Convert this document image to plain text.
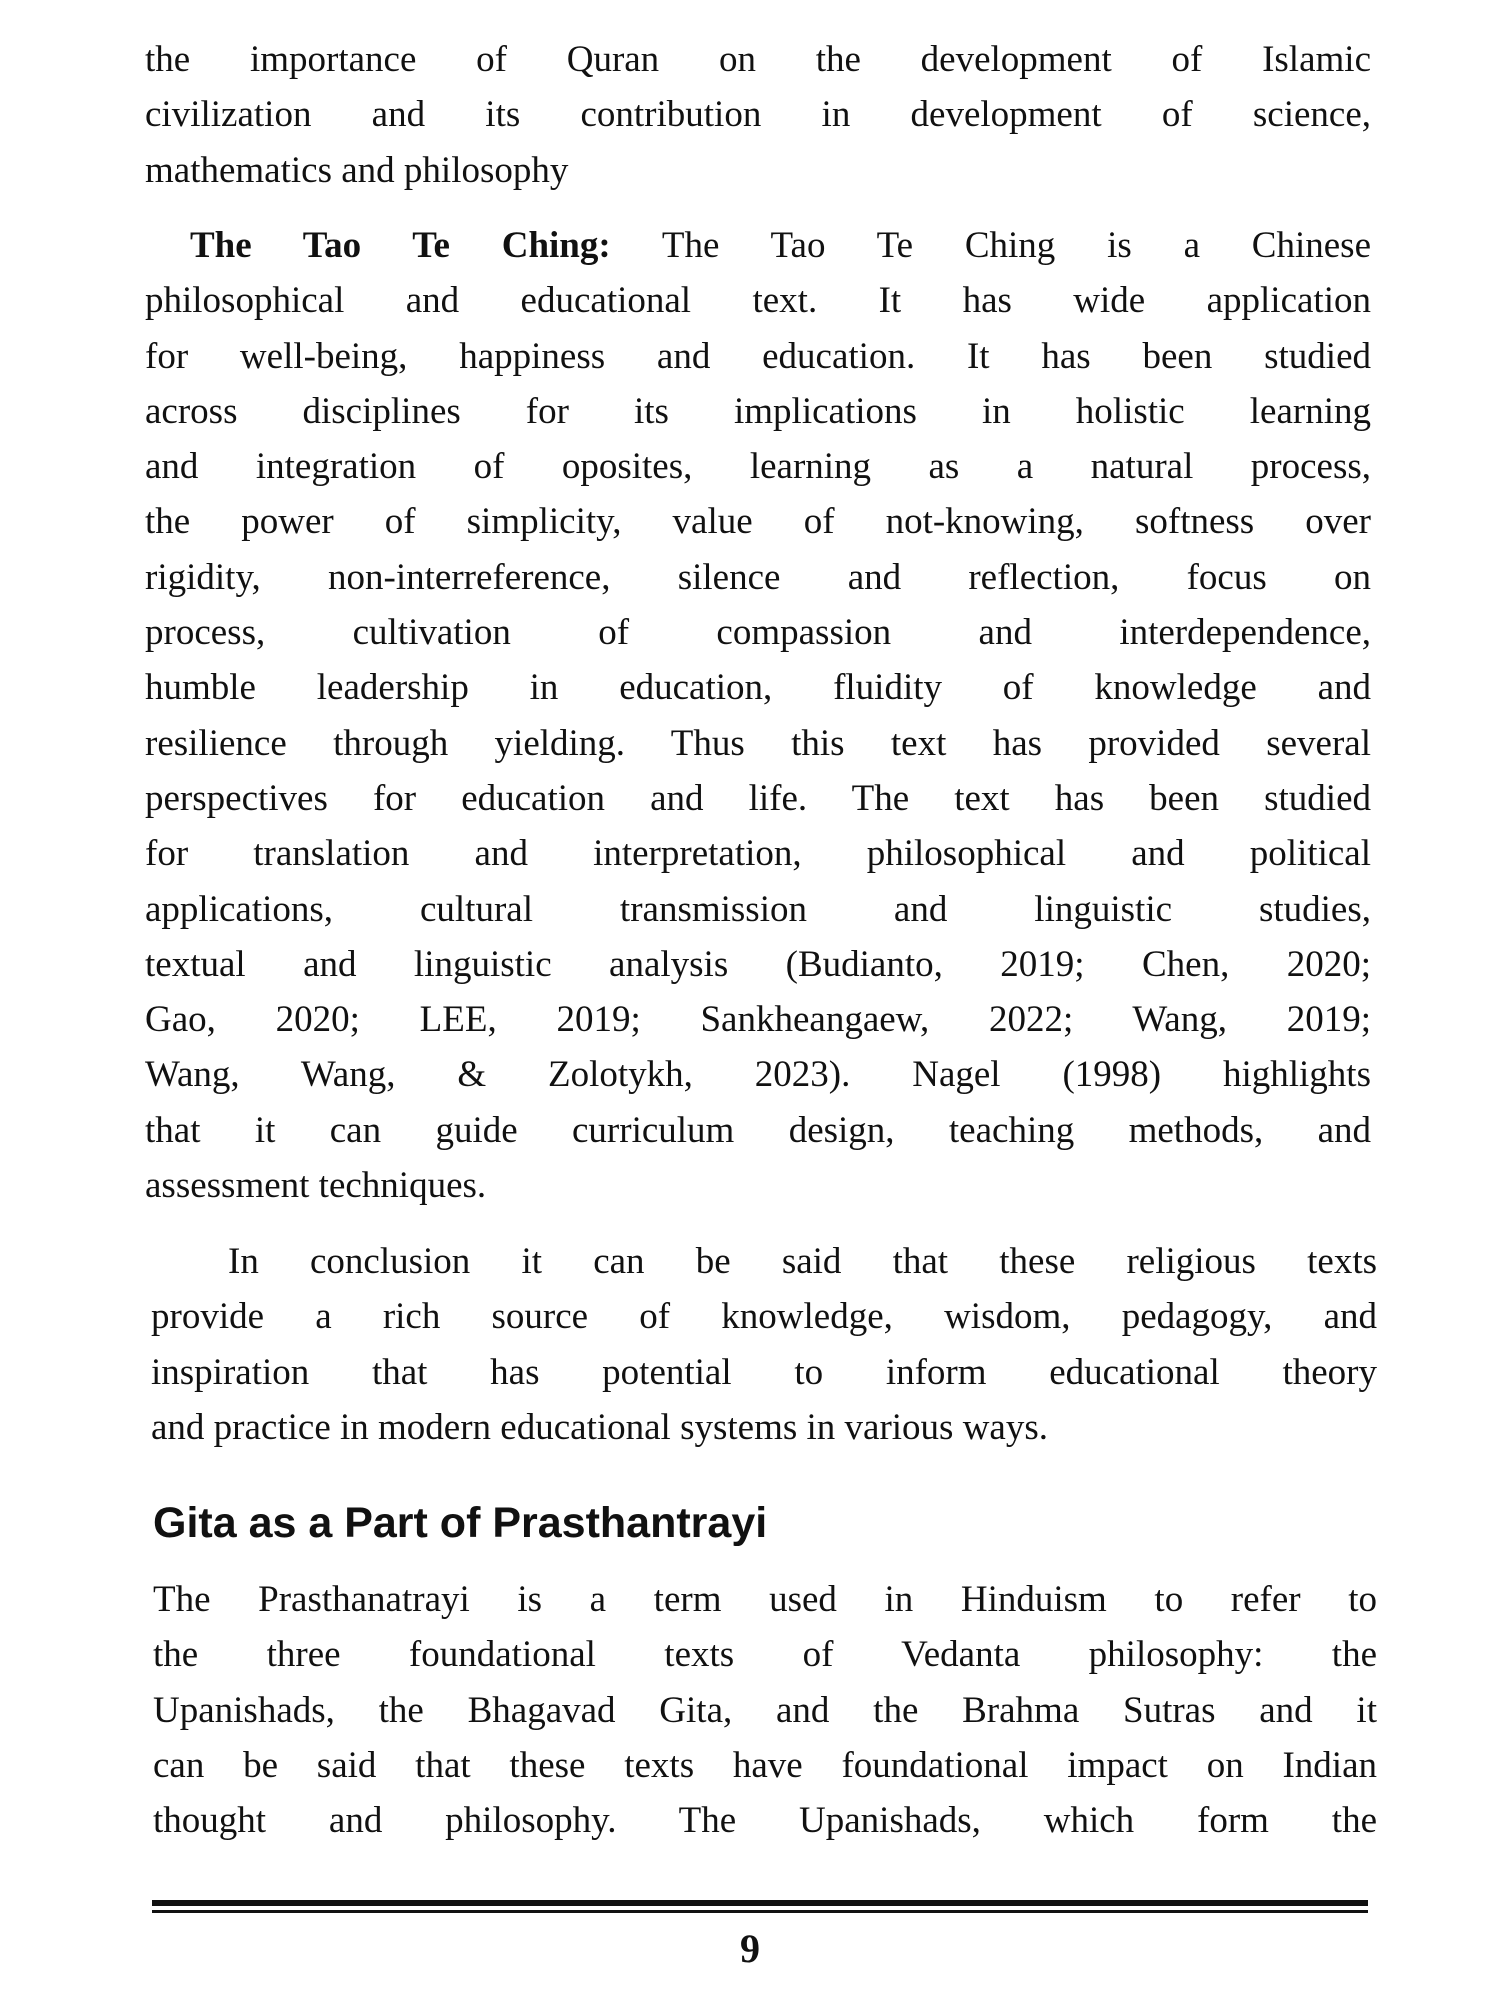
the importance of Quran on the development of Islamic
civilization and its contribution in development of science,
mathematics and philosophy
The Tao Te Ching: The Tao Te Ching is a Chinese
philosophical and educational text. It has wide application
for well-being, happiness and education. It has been studied
across disciplines for its implications in holistic learning
and integration of oposites, learning as a natural process,
the power of simplicity, value of not-knowing, softness over
rigidity, non-interreference, silence and reflection, focus on
process, cultivation of compassion and interdependence,
humble leadership in education, fluidity of knowledge and
resilience through yielding. Thus this text has provided several
perspectives for education and life. The text has been studied
for translation and interpretation, philosophical and political
applications, cultural transmission and linguistic studies,
textual and linguistic analysis (Budianto, 2019; Chen, 2020;
Gao, 2020; LEE, 2019; Sankheangaew, 2022; Wang, 2019;
Wang, Wang, & Zolotykh, 2023). Nagel (1998) highlights
that it can guide curriculum design, teaching methods, and
assessment techniques.
In conclusion it can be said that these religious texts
provide a rich source of knowledge, wisdom, pedagogy, and
inspiration that has potential to inform educational theory
and practice in modern educational systems in various ways.
Gita as a Part of Prasthantrayi
The Prasthanatrayi is a term used in Hinduism to refer to
the three foundational texts of Vedanta philosophy: the
Upanishads, the Bhagavad Gita, and the Brahma Sutras and it
can be said that these texts have foundational impact on Indian
thought and philosophy. The Upanishads, which form the
9
